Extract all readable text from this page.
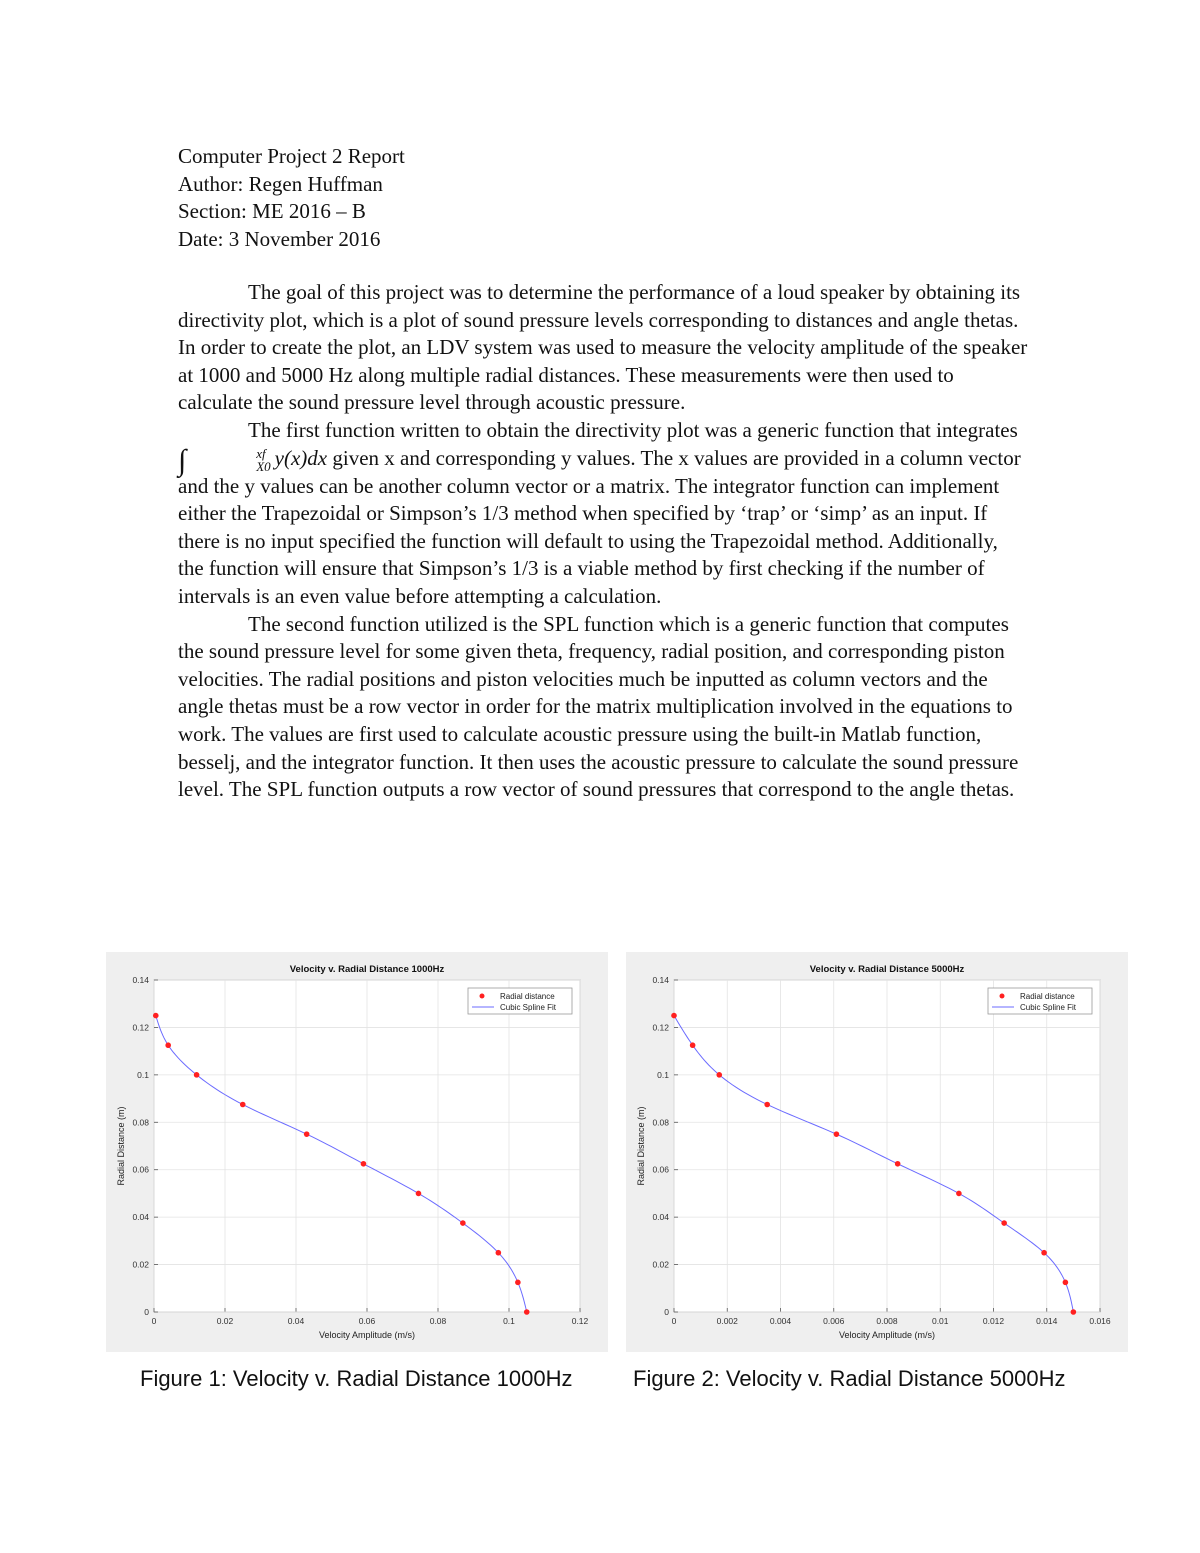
Computer Project 2 Report
Author: Regen Huffman
Section: ME 2016 – B
Date: 3 November 2016

The goal of this project was to determine the performance of a loud speaker by obtaining its directivity plot, which is a plot of sound pressure levels corresponding to distances and angle thetas. In order to create the plot, an LDV system was used to measure the velocity amplitude of the speaker at 1000 and 5000 Hz along multiple radial distances. These measurements were then used to calculate the sound pressure level through acoustic pressure.

The first function written to obtain the directivity plot was a generic function that integrates ∫	xf
X0 y(x)dx given x and corresponding y values. The x values are provided in a column vector and the y values can be another column vector or a matrix. The integrator function can implement either the Trapezoidal or Simpson’s 1/3 method when specified by ‘trap’ or ‘simp’ as an input. If there is no input specified the function will default to using the Trapezoidal method. Additionally, the function will ensure that Simpson’s 1/3 is a viable method by first checking if the number of intervals is an even value before attempting a calculation.

The second function utilized is the SPL function which is a generic function that computes the sound pressure level for some given theta, frequency, radial position, and corresponding piston velocities. The radial positions and piston velocities much be inputted as column vectors and the angle thetas must be a row vector in order for the matrix multiplication involved in the equations to work. The values are first used to calculate acoustic pressure using the built-in Matlab function, besselj, and the integrator function. It then uses the acoustic pressure to calculate the sound pressure level. The SPL function outputs a row vector of sound pressures that correspond to the angle thetas.

0	0.02	0.04	0.06	0.08	0.1	0.12
0
0.02
0.04
0.06
0.08
0.1
0.12
0.14
Velocity v. Radial Distance 1000Hz
Velocity Amplitude (m/s)
Radial Distance (m)
Radial distance
Cubic Spline Fit
0	0.002	0.004	0.006	0.008	0.01	0.012	0.014	0.016
0
0.02
0.04
0.06
0.08
0.1
0.12
0.14
Velocity v. Radial Distance 5000Hz
Velocity Amplitude (m/s)
Radial Distance (m)
Radial distance
Cubic Spline Fit
Figure 1: Velocity v. Radial Distance 1000Hz	Figure 2: Velocity v. Radial Distance 5000Hz
